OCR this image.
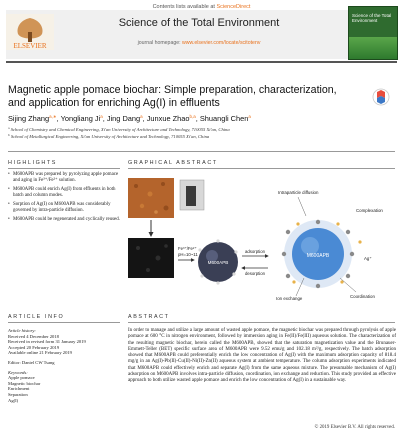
Contents lists available at ScienceDirect
ELSEVIER
Science of the Total Environment
journal homepage: www.elsevier.com/locate/scitotenv
Science of the Total Environment
Magnetic apple pomace biochar: Simple preparation, characterization, and application for enriching Ag(I) in effluents
Sijing Zhang$^{a,∗}$, Yongliang Ji$^a$, Jing Dang$^a$, Junxue Zhao$^{b,a}$, Shuangli Chen$^a$
$^a$ School of Chemistry and Chemical Engineering, Xi'an University of Architecture and Technology, 710055 Xi'an, China
$^b$ School of Metallurgical Engineering, Xi'an University of Architecture and Technology, 710055 Xi'an, China
HIGHLIGHTS
• M600APB was prepared by pyrolyzing apple pomace and aging in Fe³⁺/Fe²⁺ solution.
• M600APB could enrich Ag(I) from effluents in both batch and column modes.
• Sorption of Ag(I) on M600APB was considerably governed by intra-particle diffusion.
• M600APB could be regenerated and cyclically reused.
GRAPHICAL ABSTRACT
Fe³⁺/Fe²⁺
pH=10~11
M600APB
adsorption
desorption
M600APB
Intraparticle diffusion
Complexation
Ag⁺
Ion exchange	Coordination
ARTICLE INFO
Article history:
Received 4 December 2018
Received in revised form 31 January 2019
Accepted 20 February 2019
Available online 21 February 2019
Editor: Daniel CW Tsang
Keywords:
Apple pomace
Magnetic biochar
Enrichment
Separation
Ag(I)
ABSTRACT
In order to manage and utilize a large amount of wasted apple pomace, the magnetic biochar was prepared through pyrolysis of apple pomace at 600 °C in nitrogen environment, followed by immersion aging in Fe(II)/Fe(III) aqueous solution. The characterization of the resulting magnetic biochar, herein called the M600APB, showed that the saturation magnetization value and the Brunauer-Emmett-Teller (BET) specific surface area of M600APB were 9.52 emu/g and 102.18 m²/g, respectively. The batch adsorption showed that M600APB could preferentially enrich the low concentration of Ag(I) with the maximum adsorption capacity of 818.4 mg/g in an Ag(I)-Pb(II)-Cu(II)-Ni(II)-Zn(II) aqueous system at ambient temperature. The column adsorption experiments indicated that M600APB could effectively enrich and separate Ag(I) from the same aqueous mixture. The presumable mechanism of Ag(I) adsorption on M600APB involves intra-particle diffusion, coordination, ion exchange and reduction. This study provided an effective approach to both utilize wasted apple pomace and enrich the low concentration of Ag(I) in a sustainable way.
© 2019 Elsevier B.V. All rights reserved.
